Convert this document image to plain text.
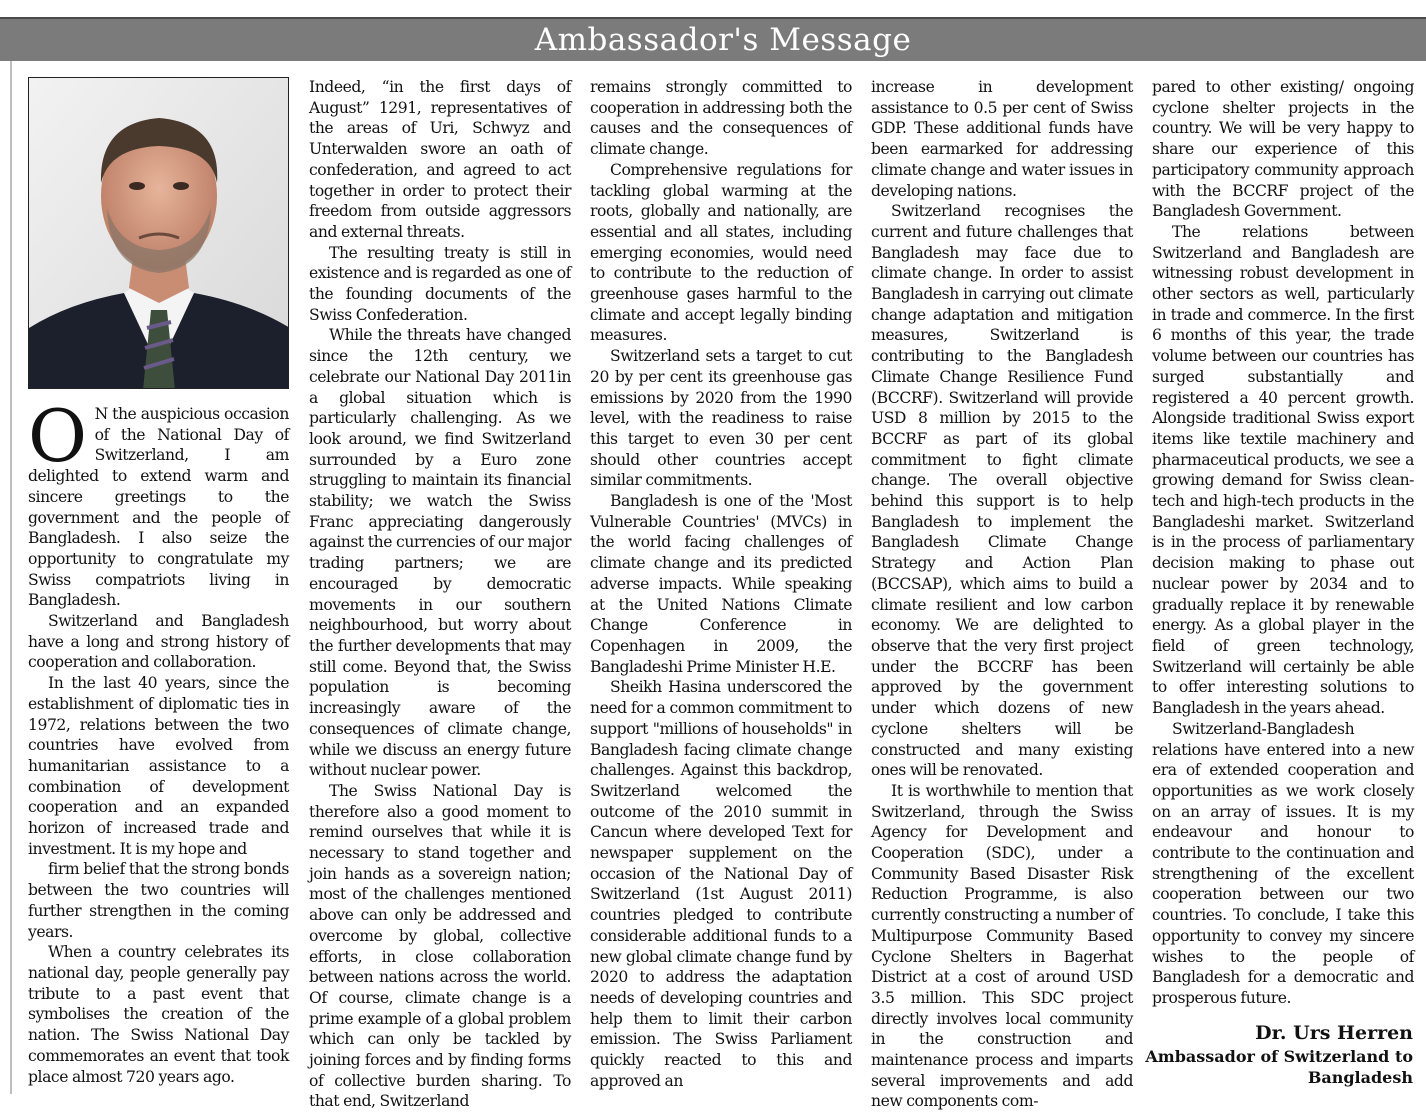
Ambassador's Message

O N the auspicious occasion of the National Day of Switzerland, I am delighted to extend warm and sincere greetings to the government and the people of Bangladesh. I also seize the opportunity to congratulate my Swiss compatriots living in Bangladesh.

Switzerland and Bangladesh have a long and strong history of cooperation and collaboration.

In the last 40 years, since the establishment of diplomatic ties in 1972, relations between the two countries have evolved from humanitarian assistance to a combination of development cooperation and an expanded horizon of increased trade and investment. It is my hope and

firm belief that the strong bonds between the two countries will further strengthen in the coming years.

When a country celebrates its national day, people generally pay tribute to a past event that symbolises the creation of the nation. The Swiss National Day commemorates an event that took place almost 720 years ago.

Indeed, “in the first days of August” 1291, representatives of the areas of Uri, Schwyz and Unterwalden swore an oath of confederation, and agreed to act together in order to protect their freedom from outside aggressors and external threats.

The resulting treaty is still in existence and is regarded as one of the founding documents of the Swiss Confederation.

While the threats have changed since the 12th century, we celebrate our National Day 2011in a global situation which is particularly challenging. As we look around, we find Switzerland surrounded by a Euro zone struggling to maintain its financial stability; we watch the Swiss Franc appreciating dangerously against the currencies of our major trading partners; we are encouraged by democratic movements in our southern neighbourhood, but worry about the further developments that may still come. Beyond that, the Swiss population is becoming increasingly aware of the consequences of climate change, while we discuss an energy future without nuclear power.

The Swiss National Day is therefore also a good moment to remind ourselves that while it is necessary to stand together and join hands as a sovereign nation; most of the challenges mentioned above can only be addressed and overcome by global, collective efforts, in close collaboration between nations across the world. Of course, climate change is a prime example of a global problem which can only be tackled by joining forces and by finding forms of collective burden sharing. To that end, Switzerland

remains strongly committed to cooperation in addressing both the causes and the consequences of climate change.

Comprehensive regulations for tackling global warming at the roots, globally and nationally, are essential and all states, including emerging economies, would need to contribute to the reduction of greenhouse gases harmful to the climate and accept legally binding measures.

Switzerland sets a target to cut 20 by per cent its greenhouse gas emissions by 2020 from the 1990 level, with the readiness to raise this target to even 30 per cent should other countries accept similar commitments.

Bangladesh is one of the 'Most Vulnerable Countries' (MVCs) in the world facing challenges of climate change and its predicted adverse impacts. While speaking at the United Nations Climate Change Conference in Copenhagen in 2009, the Bangladeshi Prime Minister H.E.

Sheikh Hasina underscored the need for a common commitment to support "millions of households" in Bangladesh facing climate change challenges. Against this backdrop, Switzerland welcomed the outcome of the 2010 summit in Cancun where developed Text for newspaper supplement on the occasion of the National Day of Switzerland (1st August 2011) countries pledged to contribute considerable additional funds to a new global climate change fund by 2020 to address the adaptation needs of developing countries and help them to limit their carbon emission. The Swiss Parliament quickly reacted to this and approved an

increase in development assistance to 0.5 per cent of Swiss GDP. These additional funds have been earmarked for addressing climate change and water issues in developing nations.

Switzerland recognises the current and future challenges that Bangladesh may face due to climate change. In order to assist Bangladesh in carrying out climate change adaptation and mitigation measures, Switzerland is contributing to the Bangladesh Climate Change Resilience Fund (BCCRF). Switzerland will provide USD 8 million by 2015 to the BCCRF as part of its global commitment to fight climate change. The overall objective behind this support is to help Bangladesh to implement the Bangladesh Climate Change Strategy and Action Plan (BCCSAP), which aims to build a climate resilient and low carbon economy. We are delighted to observe that the very first project under the BCCRF has been approved by the government under which dozens of new cyclone shelters will be constructed and many existing ones will be renovated.

It is worthwhile to mention that Switzerland, through the Swiss Agency for Development and Cooperation (SDC), under a Community Based Disaster Risk Reduction Programme, is also currently constructing a number of Multipurpose Community Based Cyclone Shelters in Bagerhat District at a cost of around USD 3.5 million. This SDC project directly involves local community in the construction and maintenance process and imparts several improvements and add new components com-

pared to other existing/ ongoing cyclone shelter projects in the country. We will be very happy to share our experience of this participatory community approach with the BCCRF project of the Bangladesh Government.

The relations between Switzerland and Bangladesh are witnessing robust development in other sectors as well, particularly in trade and commerce. In the first 6 months of this year, the trade volume between our countries has surged substantially and registered a 40 percent growth. Alongside traditional Swiss export items like textile machinery and pharmaceutical products, we see a growing demand for Swiss clean-tech and high-tech products in the Bangladeshi market. Switzerland is in the process of parliamentary decision making to phase out nuclear power by 2034 and to gradually replace it by renewable energy. As a global player in the field of green technology, Switzerland will certainly be able to offer interesting solutions to Bangladesh in the years ahead.

Switzerland-Bangladesh relations have entered into a new era of extended cooperation and opportunities as we work closely on an array of issues. It is my endeavour and honour to contribute to the continuation and strengthening of the excellent cooperation between our two countries. To conclude, I take this opportunity to convey my sincere wishes to the people of Bangladesh for a democratic and prosperous future.

Dr. Urs Herren
Ambassador of Switzerland to Bangladesh
